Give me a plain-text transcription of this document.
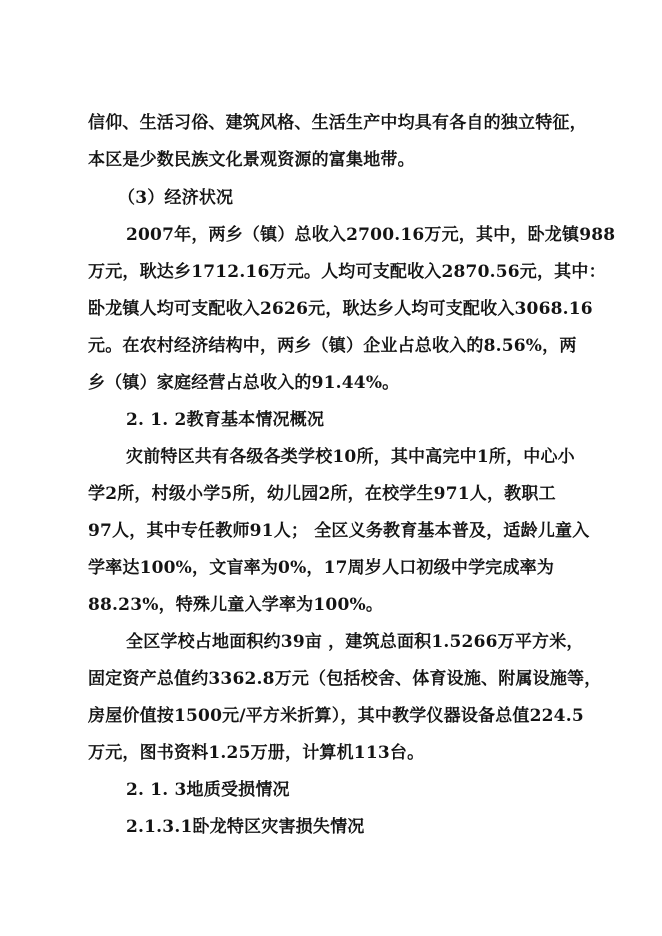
信仰、生活习俗、建筑风格、生活生产中均具有各自的独立特征，
本区是少数民族文化景观资源的富集地带。
（3）经济状况
2007年，两乡（镇）总收入2700.16万元，其中，卧龙镇988
万元，耿达乡1712.16万元。人均可支配收入2870.56元，其中：
卧龙镇人均可支配收入2626元，耿达乡人均可支配收入3068.16
元。在农村经济结构中，两乡（镇）企业占总收入的8.56%，两
乡（镇）家庭经营占总收入的91.44%。
2. 1. 2教育基本情况概况
灾前特区共有各级各类学校10所，其中高完中1所，中心小
学2所，村级小学5所，幼儿园2所，在校学生971人，教职工
97人，其中专任教师91人； 全区义务教育基本普及，适龄儿童入
学率达100%，文盲率为0%，17周岁人口初级中学完成率为
88.23%，特殊儿童入学率为100%。
全区学校占地面积约39亩 ，建筑总面积1.5266万平方米，
固定资产总值约3362.8万元（包括校舍、体育设施、附属设施等，
房屋价值按1500元/平方米折算），其中教学仪器设备总值224.5
万元，图书资料1.25万册，计算机113台。
2. 1. 3地质受损情况
2.1.3.1卧龙特区灾害损失情况
